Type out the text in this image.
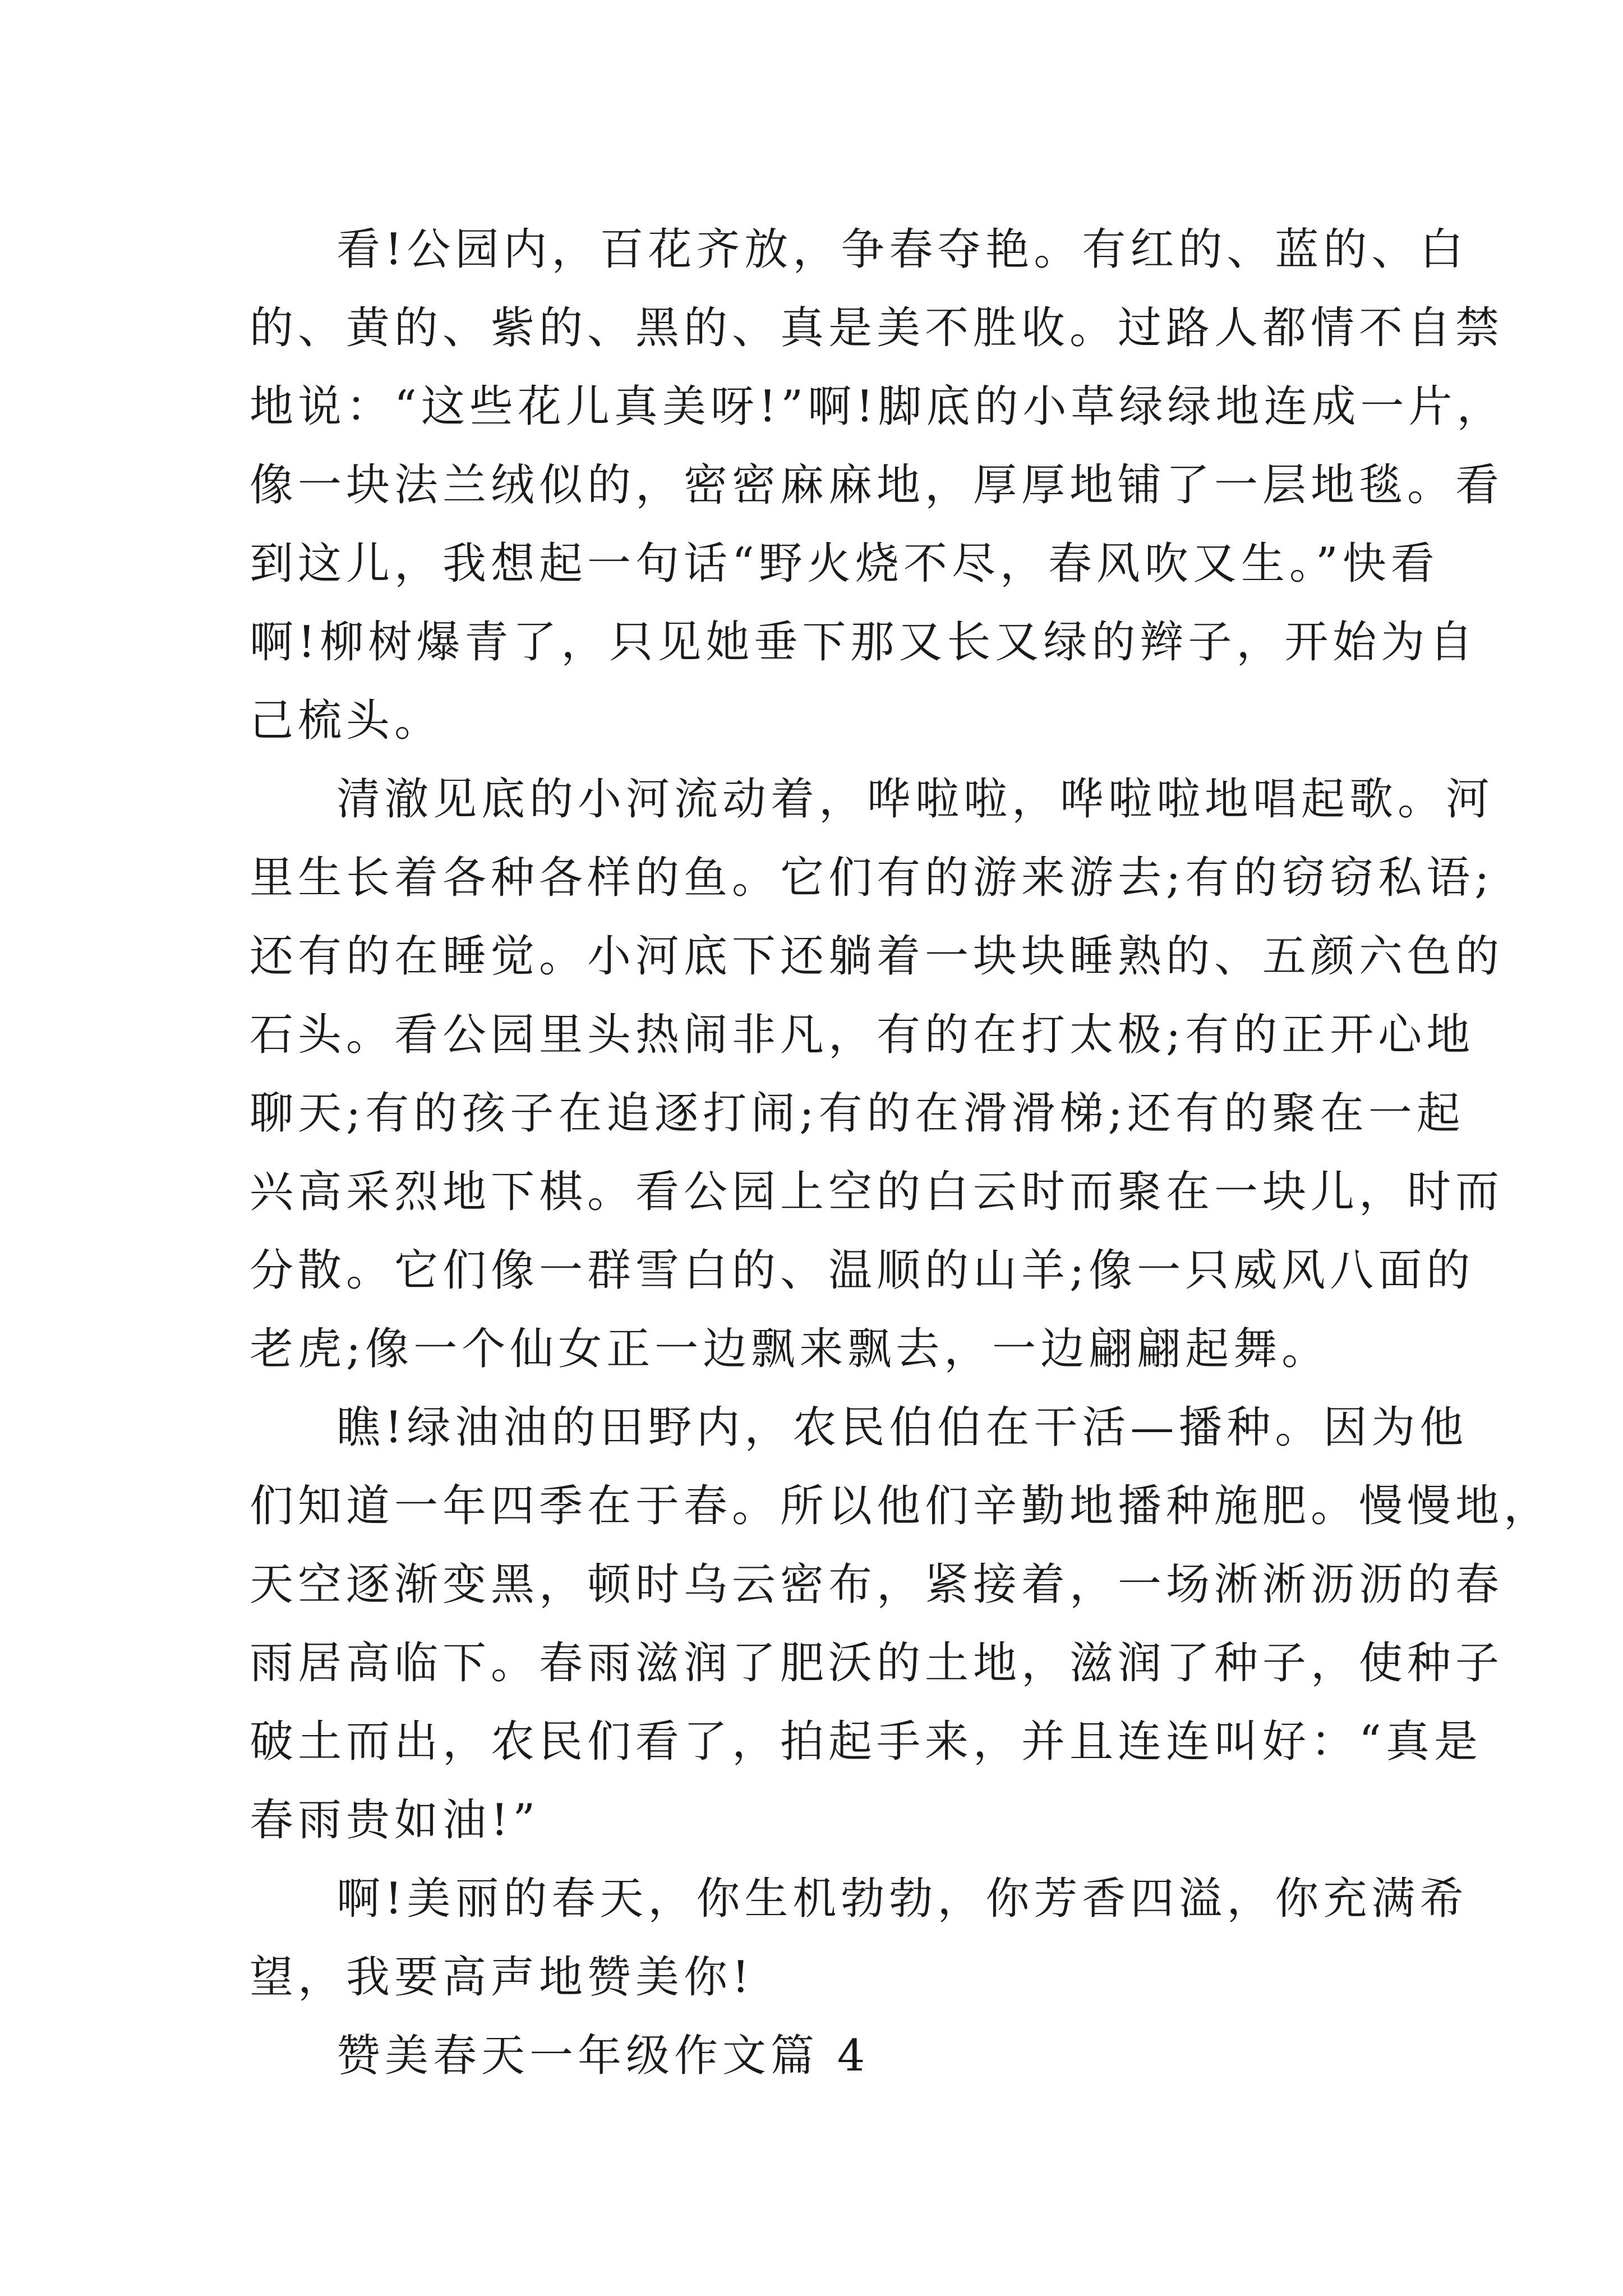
看!公园内，百花齐放，争春夺艳。有红的、蓝的、白
的、黄的、紫的、黑的、真是美不胜收。过路人都情不自禁
地说：“这些花儿真美呀!”啊!脚底的小草绿绿地连成一片，
像一块法兰绒似的，密密麻麻地，厚厚地铺了一层地毯。看
到这儿，我想起一句话“野火烧不尽，春风吹又生。”快看
啊!柳树爆青了，只见她垂下那又长又绿的辫子，开始为自
己梳头。
清澈见底的小河流动着，哗啦啦，哗啦啦地唱起歌。河
里生长着各种各样的鱼。它们有的游来游去;有的窃窃私语;
还有的在睡觉。小河底下还躺着一块块睡熟的、五颜六色的
石头。看公园里头热闹非凡，有的在打太极;有的正开心地
聊天;有的孩子在追逐打闹;有的在滑滑梯;还有的聚在一起
兴高采烈地下棋。看公园上空的白云时而聚在一块儿，时而
分散。它们像一群雪白的、温顺的山羊;像一只威风八面的
老虎;像一个仙女正一边飘来飘去，一边翩翩起舞。
瞧!绿油油的田野内，农民伯伯在干活—播种。因为他
们知道一年四季在于春。所以他们辛勤地播种施肥。慢慢地，
天空逐渐变黑，顿时乌云密布，紧接着，一场淅淅沥沥的春
雨居高临下。春雨滋润了肥沃的土地，滋润了种子，使种子
破土而出，农民们看了，拍起手来，并且连连叫好：“真是
春雨贵如油!”
啊!美丽的春天，你生机勃勃，你芳香四溢，你充满希
望，我要高声地赞美你!
赞美春天一年级作文篇 4
